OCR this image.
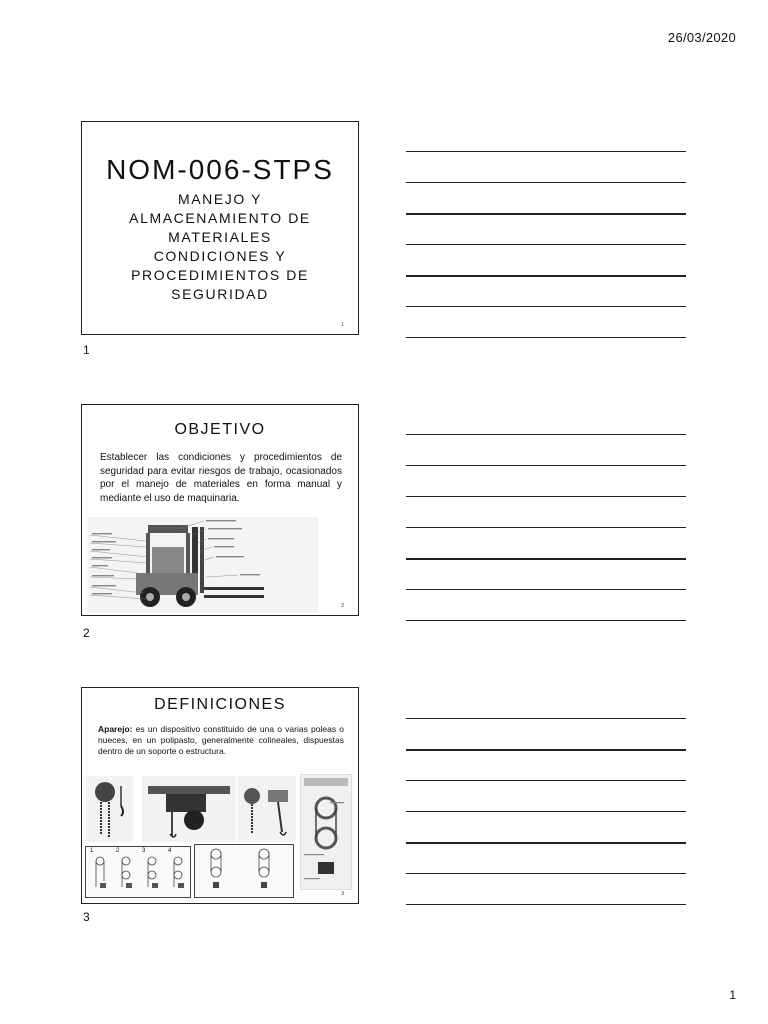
26/03/2020
NOM-006-STPS
MANEJO Y
ALMACENAMIENTO DE
MATERIALES
CONDICIONES Y
PROCEDIMIENTOS DE
SEGURIDAD
1
1
OBJETIVO
Establecer las condiciones y procedimientos de seguridad para evitar riesgos de trabajo, ocasionados por el manejo de materiales en forma manual y mediante el uso de maquinaria.
2
2
DEFINICIONES
Aparejo: es un dispositivo constituido de una o varias poleas o nueces, en un polipasto, generalmente colineales, dispuestas dentro de un soporte o estructura.
1	2	3	4
3
3
1
